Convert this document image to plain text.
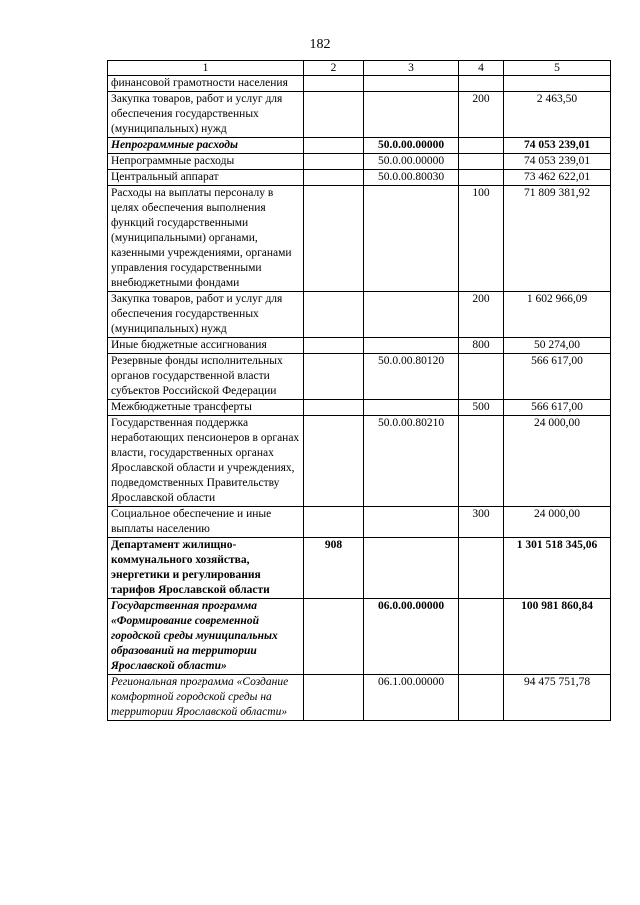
182
1	2	3	4	5
финансовой грамотности населения				
Закупка товаров, работ и услуг для обеспечения государственных (муниципальных) нужд			200	2 463,50
Непрограммные расходы		50.0.00.00000		74 053 239,01
Непрограммные расходы		50.0.00.00000		74 053 239,01
Центральный аппарат		50.0.00.80030		73 462 622,01
Расходы на выплаты персоналу в целях обеспечения выполнения функций государственными (муниципальными) органами, казенными учреждениями, органами управления государственными внебюджетными фондами			100	71 809 381,92
Закупка товаров, работ и услуг для обеспечения государственных (муниципальных) нужд			200	1 602 966,09
Иные бюджетные ассигнования			800	50 274,00
Резервные фонды исполнительных органов государственной власти субъектов Российской Федерации		50.0.00.80120		566 617,00
Межбюджетные трансферты			500	566 617,00
Государственная поддержка неработающих пенсионеров в органах власти, государственных органах Ярославской области и учреждениях, подведомственных Правительству Ярославской области		50.0.00.80210		24 000,00
Социальное обеспечение и иные выплаты населению			300	24 000,00
Департамент жилищно-коммунального хозяйства, энергетики и регулирования тарифов Ярославской области	908			1 301 518 345,06
Государственная программа «Формирование современной городской среды муниципальных образований на территории Ярославской области»		06.0.00.00000		100 981 860,84
Региональная программа «Создание комфортной городской среды на территории Ярославской области»		06.1.00.00000		94 475 751,78
